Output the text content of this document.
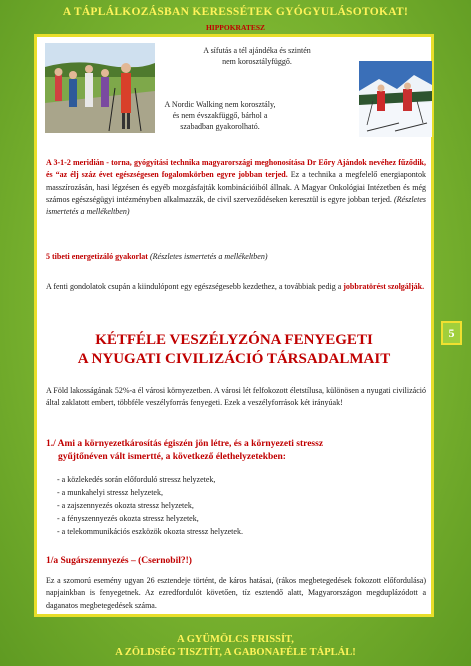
A TÁPLÁLKOZÁSBAN KERESSÉTEK GYÓGYULÁSOTOKAT!
HIPPOKRATESZ
A sífutás a tél ajándéka és szintén nem korosztályfüggő.
A Nordic Walking nem korosztály, és nem évszakfüggő, bárhol a szabadban gyakorolható.
A 3-1-2 meridián - torna, gyógyítási technika magyarországi meghonosítása Dr Eőry Ajándok nevéhez fűződik, és “az élj száz évet egészségesen fogalomkörben egyre jobban terjed. Ez a technika a megfelelő energiapontok masszírozásán, hasi légzésen és egyéb mozgásfajták kombinációiból állnak. A Magyar Onkológiai Intézetben és még számos egészségügyi intézményben alkalmazzák, de civil szerveződéseken keresztül is egyre jobban terjed. (Részletes ismertetés a mellékeltben)
5 tibeti energetizáló gyakorlat (Részletes ismertetés a mellékeltben)
A fenti gondolatok csupán a kiindulópont egy egészségesebb kezdethez, a továbbiak pedig a jobbratörést szolgálják.
KÉTFÉLE VESZÉLYZÓNA FENYEGETI
A NYUGATI CIVILIZÁCIÓ TÁRSADALMAIT
A Föld lakosságának 52%-a él városi környezetben. A városi lét felfokozott életstílusa, különösen a nyugati civilizáció által zaklatott embert, többféle veszélyforrás fenyegeti. Ezek a veszélyforrások két irányúak!
1./ Ami a környezetkárosítás égiszén jön létre, és a környezeti stressz
gyűjtőnéven vált ismertté, a következő élethelyzetekben:
- a közlekedés során előforduló stressz helyzetek,
- a munkahelyi stressz helyzetek,
- a zajszennyezés okozta stressz helyzetek,
- a fényszennyezés okozta stressz helyzetek,
- a telekommunikációs eszközök okozta stressz helyzetek.
1/a Sugárszennyezés – (Csernobil?!)
Ez a szomorú esemény ugyan 26 esztendeje történt, de káros hatásai, (rákos megbetegedések fokozott előfordulása) napjainkban is fenyegetnek. Az ezredfordulót követően, tíz esztendő alatt, Magyarországon megduplázódott a daganatos megbetegedések száma.
5
A GYÜMÖLCS FRISSÍT,
A ZÖLDSÉG TISZTÍT, A GABONAFÉLE TÁPLÁL!
